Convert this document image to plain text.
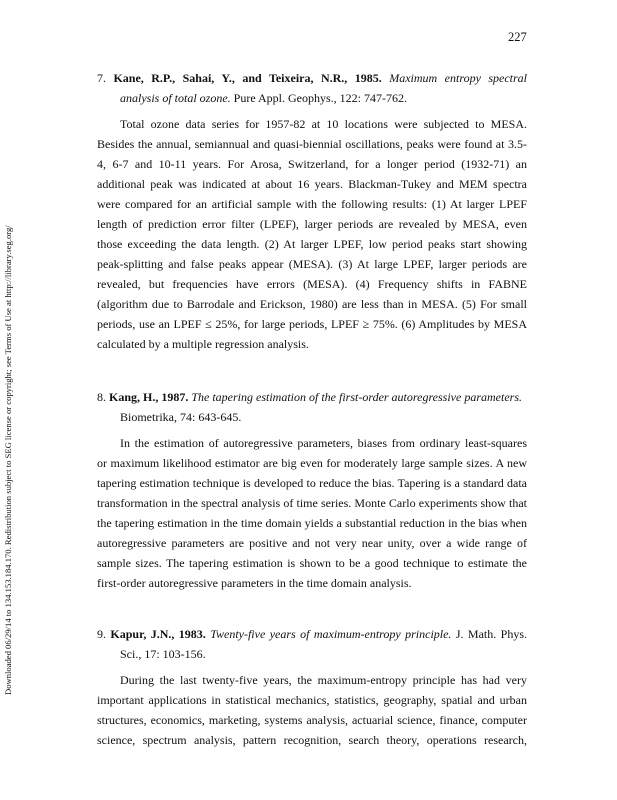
227
Downloaded 06/29/14 to 134.153.184.170. Redistribution subject to SEG license or copyright; see Terms of Use at http://library.seg.org/
7. Kane, R.P., Sahai, Y., and Teixeira, N.R., 1985. Maximum entropy spectral
analysis of total ozone. Pure Appl. Geophys., 122: 747-762.
Total ozone data series for 1957-82 at 10 locations were subjected to MESA.
Besides the annual, semiannual and quasi-biennial oscillations, peaks were found at 3.5-
4, 6-7 and 10-11 years. For Arosa, Switzerland, for a longer period (1932-71) an
additional peak was indicated at about 16 years. Blackman-Tukey and MEM spectra
were compared for an artificial sample with the following results: (1) At larger LPEF
length of prediction error filter (LPEF), larger periods are revealed by MESA, even
those exceeding the data length. (2) At larger LPEF, low period peaks start showing
peak-splitting and false peaks appear (MESA). (3) At large LPEF, larger periods are
revealed, but frequencies have errors (MESA). (4) Frequency shifts in FABNE
(algorithm due to Barrodale and Erickson, 1980) are less than in MESA. (5) For small
periods, use an LPEF ≤ 25%, for large periods, LPEF ≥ 75%. (6) Amplitudes by MESA
calculated by a multiple regression analysis.
8. Kang, H., 1987. The tapering estimation of the first-order autoregressive parameters.
Biometrika, 74: 643-645.
In the estimation of autoregressive parameters, biases from ordinary least-squares
or maximum likelihood estimator are big even for moderately large sample sizes. A new
tapering estimation technique is developed to reduce the bias. Tapering is a standard data
transformation in the spectral analysis of time series. Monte Carlo experiments show that
the tapering estimation in the time domain yields a substantial reduction in the bias when
autoregressive parameters are positive and not very near unity, over a wide range of
sample sizes. The tapering estimation is shown to be a good technique to estimate the
first-order autoregressive parameters in the time domain analysis.
9. Kapur, J.N., 1983. Twenty-five years of maximum-entropy principle. J. Math. Phys.
Sci., 17: 103-156.
During the last twenty-five years, the maximum-entropy principle has had very
important applications in statistical mechanics, statistics, geography, spatial and urban
structures, economics, marketing, systems analysis, actuarial science, finance, computer
science, spectrum analysis, pattern recognition, search theory, operations research,
